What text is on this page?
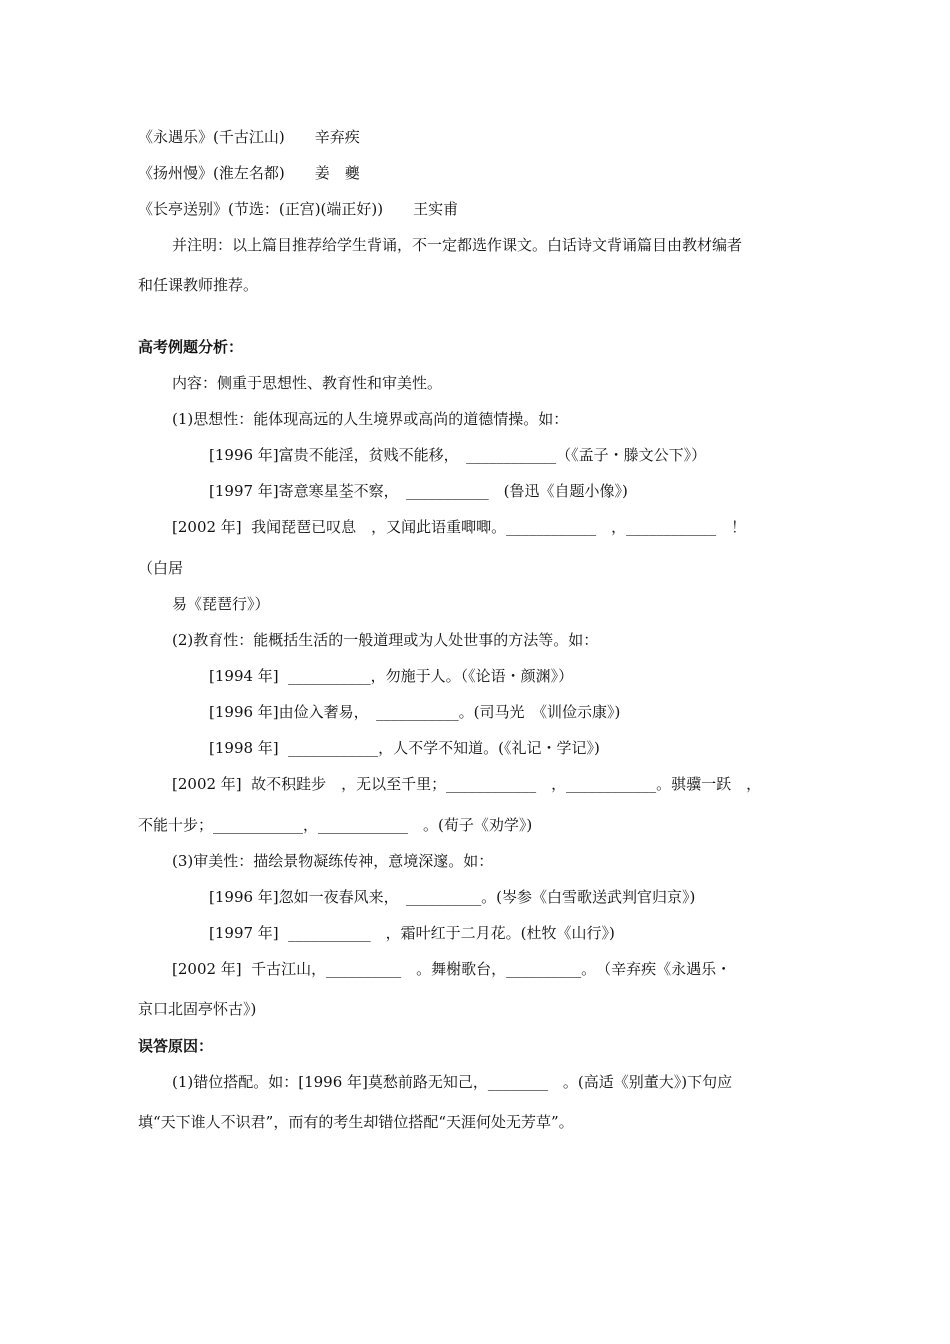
《永遇乐》(千古江山)　　辛弃疾
《扬州慢》(淮左名都)　　姜　夔
《长亭送别》(节选：(正宫)(端正好))　　王实甫
并注明：以上篇目推荐给学生背诵，不一定都选作课文。白话诗文背诵篇目由教材编者
和任课教师推荐。
高考例题分析：
内容：侧重于思想性、教育性和审美性。
(1)思想性：能体现高远的人生境界或高尚的道德情操。如：
[1996 年]富贵不能淫，贫贱不能移，　____________（《孟子・滕文公下》）
[1997 年]寄意寒星荃不察，　___________　(鲁迅《自题小像》)
[2002 年]  我闻琵琶已叹息　，又闻此语重唧唧。____________　，____________　！
（白居
易《琵琶行》）
(2)教育性：能概括生活的一般道理或为人处世事的方法等。如：
[1994 年]  ___________，勿施于人。（《论语・颜渊》）
[1996 年]由俭入奢易，　___________。(司马光　《训俭示康》)
[1998 年]  ____________，人不学不知道。(《礼记・学记》)
[2002 年]  故不积跬步　，无以至千里；____________　，____________。骐骥一跃　，
不能十步；____________，____________　。(荀子《劝学》)
(3)审美性：描绘景物凝练传神，意境深邃。如：
[1996 年]忽如一夜春风来，　__________。(岑参《白雪歌送武判官归京》)
[1997 年]  ___________　，霜叶红于二月花。(杜牧《山行》)
[2002 年]  千古江山，__________　。舞榭歌台，__________。　（辛弃疾《永遇乐・
京口北固亭怀古》)
误答原因：
(1)错位搭配。如：[1996 年]莫愁前路无知己，________　。(高适《别董大》)下句应
填“天下谁人不识君”，而有的考生却错位搭配“天涯何处无芳草”。
